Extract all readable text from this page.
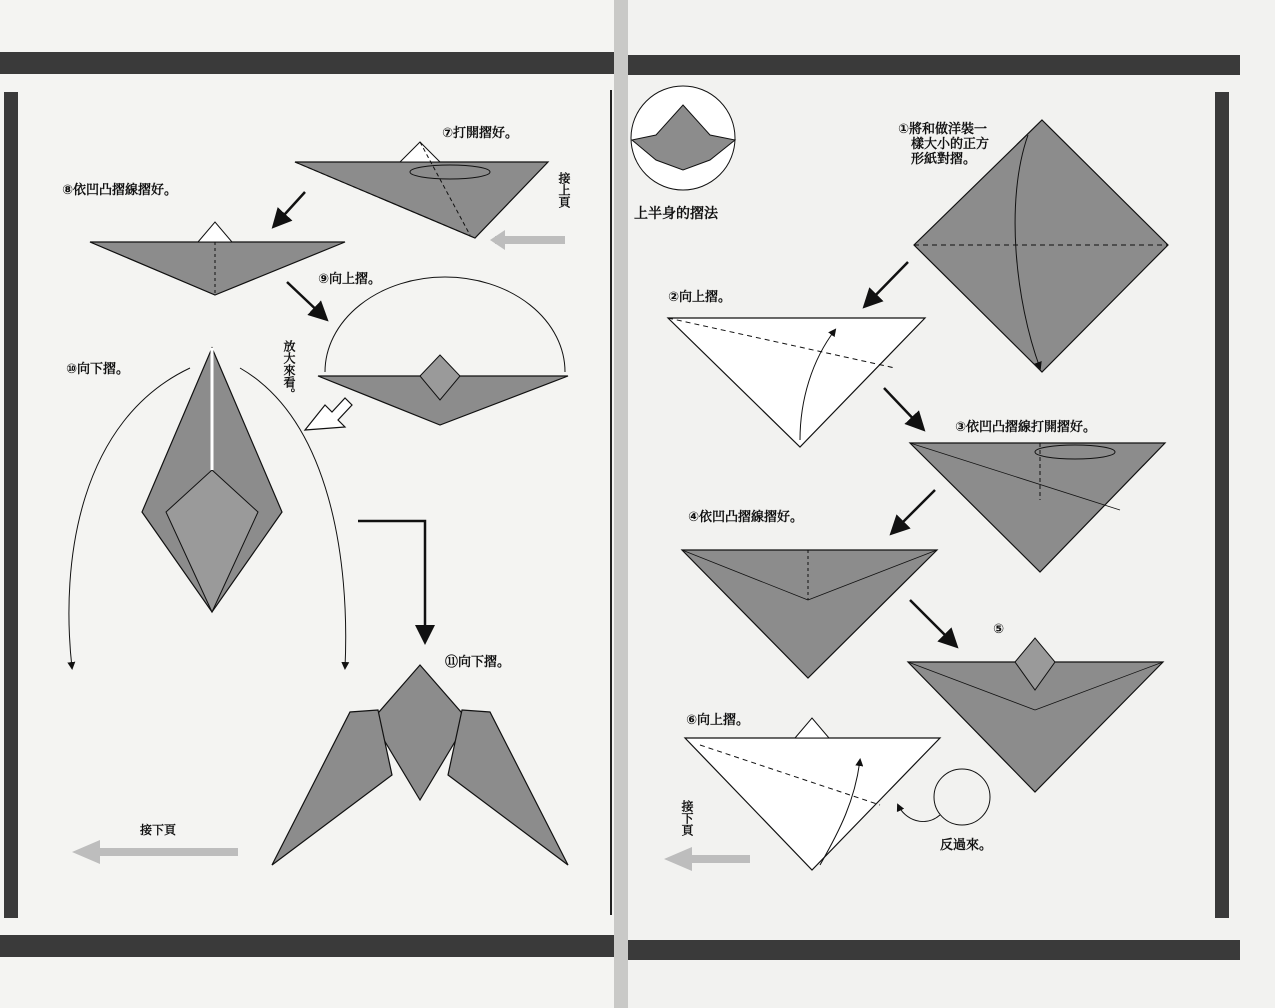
⑦打開摺好。
⑧依凹凸摺線摺好。
⑨向上摺。
⑩向下摺。
⑪向下摺。
放大來看。
接上頁
接下頁
上半身的摺法
①將和做洋裝一
樣大小的正方
形紙對摺。
②向上摺。
③依凹凸摺線打開摺好。
④依凹凸摺線摺好。
⑤
⑥向上摺。
反過來。
接下頁
